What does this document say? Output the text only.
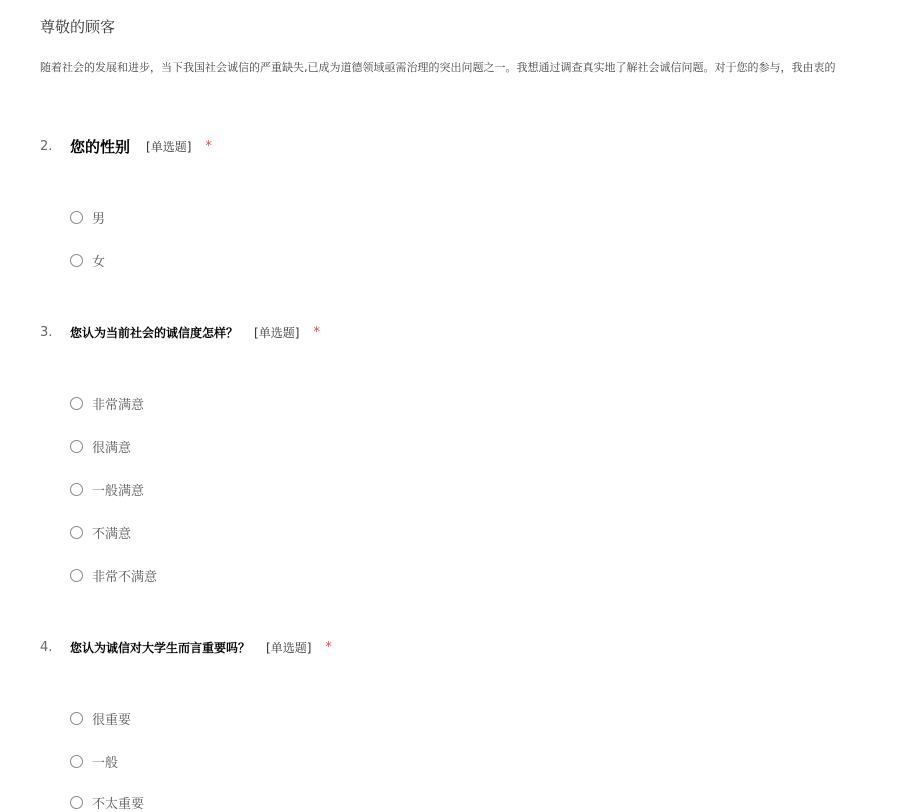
尊敬的顾客
随着社会的发展和进步，当下我国社会诚信的严重缺失,已成为道德领域亟需治理的突出问题之一。我想通过调查真实地了解社会诚信问题。对于您的参与，我由衷的
2.	您的性别 [单选题] *
男
女
3.	您认为当前社会的诚信度怎样？ [单选题] *
非常满意
很满意
一般满意
不满意
非常不满意
4.	您认为诚信对大学生而言重要吗？ [单选题] *
很重要
一般
不太重要
